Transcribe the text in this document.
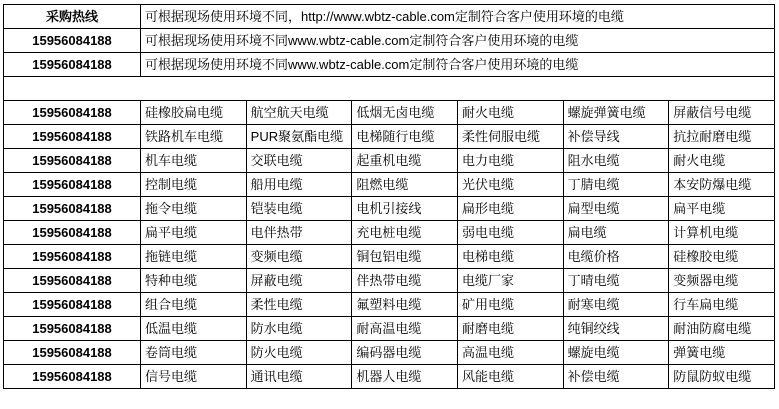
采购热线	可根据现场使用环境不同，http://www.wbtz-cable.com定制符合客户使用环境的电缆					
15956084188	可根据现场使用环境不同www.wbtz-cable.com定制符合客户使用环境的电缆					
15956084188	可根据现场使用环境不同www.wbtz-cable.com定制符合客户使用环境的电缆					

15956084188	硅橡胶扁电缆	航空航天电缆	低烟无卤电缆	耐火电缆	螺旋弹簧电缆	屏蔽信号电缆
15956084188	铁路机车电缆	PUR聚氨酯电缆	电梯随行电缆	柔性伺服电缆	补偿导线	抗拉耐磨电缆
15956084188	机车电缆	交联电缆	起重机电缆	电力电缆	阻水电缆	耐火电缆
15956084188	控制电缆	船用电缆	阻燃电缆	光伏电缆	丁腈电缆	本安防爆电缆
15956084188	拖令电缆	铠装电缆	电机引接线	扁形电缆	扁型电缆	扁平电缆
15956084188	扁平电缆	电伴热带	充电桩电缆	弱电电缆	扁电缆	计算机电缆
15956084188	拖链电缆	变频电缆	铜包铝电缆	电梯电缆	电缆价格	硅橡胶电缆
15956084188	特种电缆	屏蔽电缆	伴热带电缆	电缆厂家	丁晴电缆	变频器电缆
15956084188	组合电缆	柔性电缆	氟塑料电缆	矿用电缆	耐寒电缆	行车扁电缆
15956084188	低温电缆	防水电缆	耐高温电缆	耐磨电缆	纯铜绞线	耐油防腐电缆
15956084188	卷筒电缆	防火电缆	编码器电缆	高温电缆	螺旋电缆	弹簧电缆
15956084188	信号电缆	通讯电缆	机器人电缆	风能电缆	补偿电缆	防鼠防蚁电缆
